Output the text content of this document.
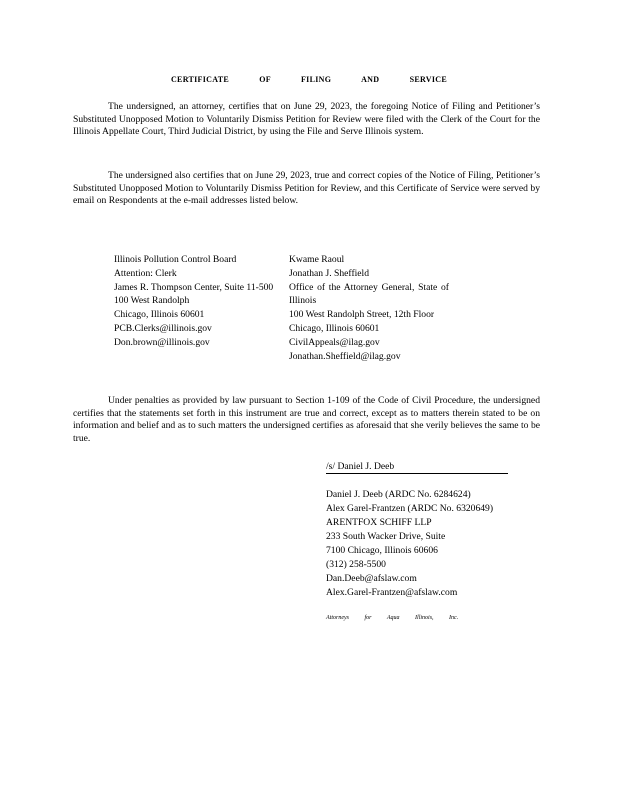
CERTIFICATE OF FILING AND SERVICE
The undersigned, an attorney, certifies that on June 29, 2023, the foregoing Notice of Filing and Petitioner’s Substituted Unopposed Motion to Voluntarily Dismiss Petition for Review were filed with the Clerk of the Court for the Illinois Appellate Court, Third Judicial District, by using the File and Serve Illinois system.
The undersigned also certifies that on June 29, 2023, true and correct copies of the Notice of Filing, Petitioner’s Substituted Unopposed Motion to Voluntarily Dismiss Petition for Review, and this Certificate of Service were served by email on Respondents at the e-mail addresses listed below.
Illinois Pollution Control Board
Attention: Clerk
James R. Thompson Center, Suite 11-500
100 West Randolph
Chicago, Illinois 60601
PCB.Clerks@illinois.gov
Don.brown@illinois.gov
Kwame Raoul
Jonathan J. Sheffield
Office of the Attorney General, State of Illinois
100 West Randolph Street, 12th Floor
Chicago, Illinois 60601
CivilAppeals@ilag.gov
Jonathan.Sheffield@ilag.gov
Under penalties as provided by law pursuant to Section 1-109 of the Code of Civil Procedure, the undersigned certifies that the statements set forth in this instrument are true and correct, except as to matters therein stated to be on information and belief and as to such matters the undersigned certifies as aforesaid that she verily believes the same to be true.
/s/ Daniel J. Deeb
Daniel J. Deeb (ARDC No. 6284624)
Alex Garel-Frantzen (ARDC No. 6320649)
ARENTFOX SCHIFF LLP
233 South Wacker Drive, Suite
7100 Chicago, Illinois 60606
(312) 258-5500
Dan.Deeb@afslaw.com
Alex.Garel-Frantzen@afslaw.com
Attorneys for Aqua Illinois, Inc.
